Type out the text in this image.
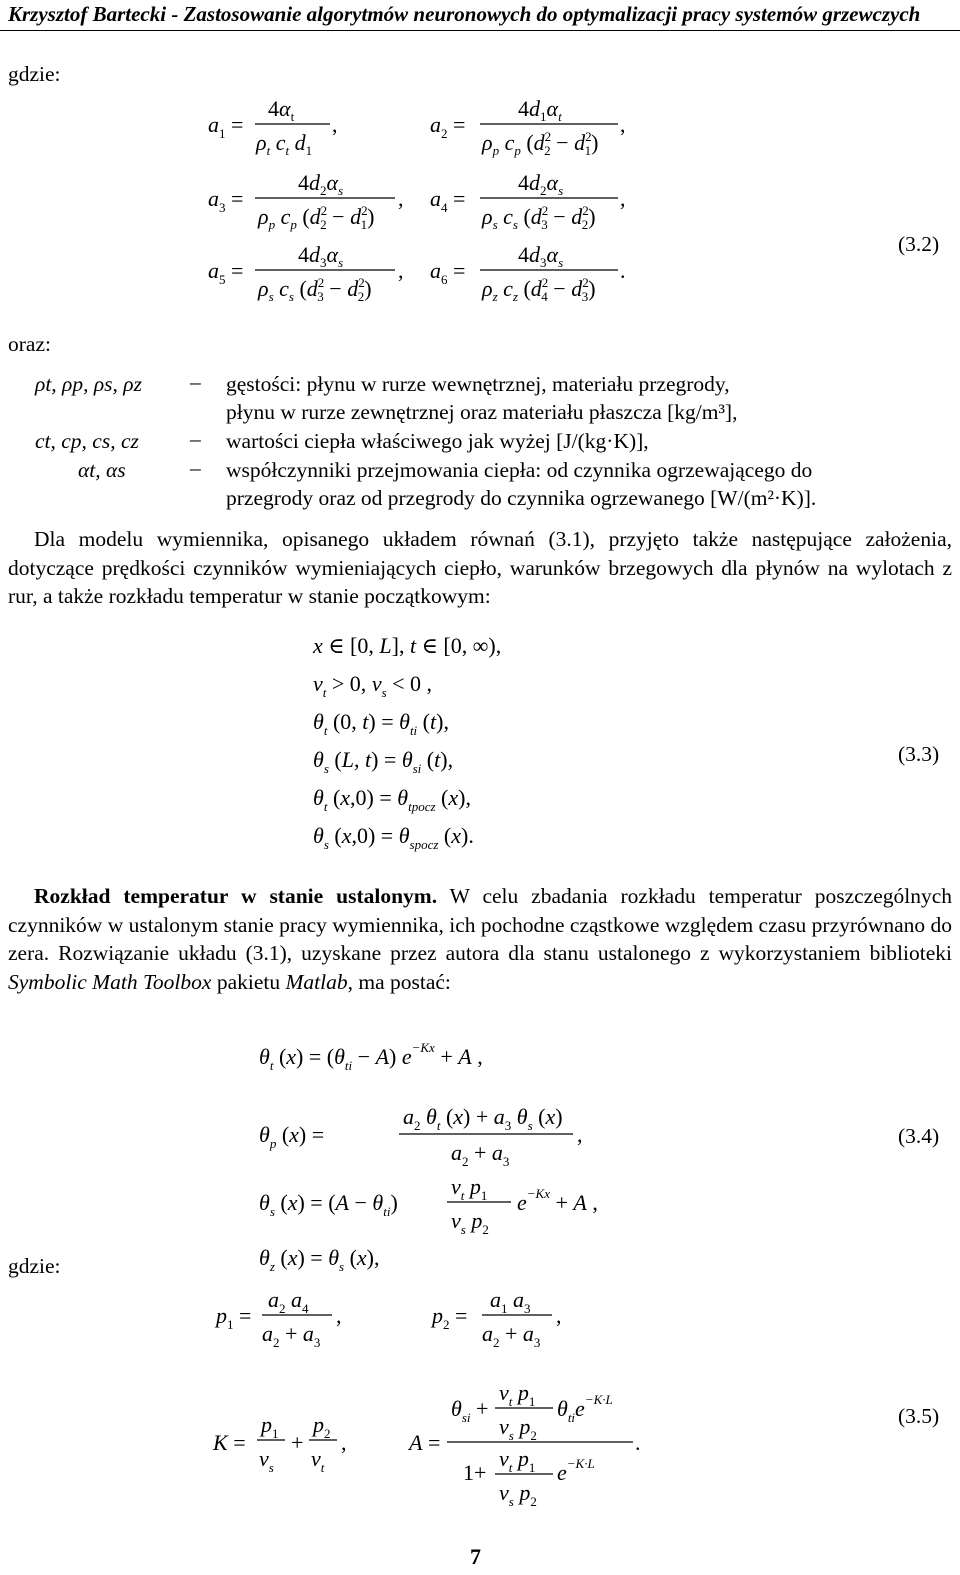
Krzysztof Bartecki - Zastosowanie algorytmów neuronowych do optymalizacji pracy systemów grzewczych
gdzie:
$a_1$ =
$4\alpha_t$
$\rho_t$ $c_t$ $d_1$
,	$a_2$ =
$4d_1\alpha_t$
$\rho_p$ $c_p$ ($d^2$ $2 - d^2$ 1)
,
$a_3$ =
$4d_2\alpha_s$
$\rho_p$ $c_p$ ($d^2$ $2 - d^2$ 1)
, $a_4$ =
$4d_2\alpha_s$
$\rho_s$ $c_s$ ($d^2$ $3 - d^2$ 2)
,
$a_5$ =
$4d_3\alpha_s$
$\rho_s$ $c_s$ ($d^2$ $3 - d^2$ 2)
, $a_6$ =
$4d_3\alpha_s$
$\rho_z$ $c_z$ ($d^2$ $4 - d^2$ 3)
.
(3.2)
oraz:
ρt, ρp, ρs, ρz – gęstości: płynu w rurze wewnętrznej, materiału przegrody,
płynu w rurze zewnętrznej oraz materiału płaszcza [kg/m³],
ct, cp, cs, cz – wartości ciepła właściwego jak wyżej [J/(kg·K)],
αt, αs	– współczynniki przejmowania ciepła: od czynnika ogrzewającego do
przegrody oraz od przegrody do czynnika ogrzewanego [W/(m²·K)].
Dla modelu wymiennika, opisanego układem równań (3.1), przyjęto także następujące założenia, dotyczące prędkości czynników wymieniających ciepło, warunków brzegowych dla płynów na wylotach z rur, a także rozkładu temperatur w stanie początkowym:
x ∈ [0, L], t ∈ [0, ∞),
$v_t > 0$, $v_s < 0$ ,
$\theta_t$ (0, $t) = \theta_{ti}$ (t),
$\theta_s$ (L, $t) = \theta_{si}$ (t),
$\theta_t$ $(x,0) = \theta_{tpocz}$ (x),
$\theta_s$ $(x,0) = \theta_{spocz}$ (x).
(3.3)
Rozkład temperatur w stanie ustalonym. W celu zbadania rozkładu temperatur poszczególnych czynników w ustalonym stanie pracy wymiennika, ich pochodne cząstkowe względem czasu przyrównano do zera. Rozwiązanie układu (3.1), uzyskane przez autora dla stanu ustalonego z wykorzystaniem biblioteki Symbolic Math Toolbox pakietu Matlab, ma postać:
$\theta_t$ $(x) = (\theta_{ti} - A) e^{-Kx} + A$ ,
$\theta_p$ (x) =
$a_2$ $\theta_t$ $(x) + a_3$ $\theta_s$ (x)
$a_2 + a_3$
,
$\theta_s$ $(x) = (A - \theta_{ti})$
$v_t$ $p_1$
$v_s$ $p_2$
$e^{-Kx} + A$ ,
$\theta_z$ $(x) = \theta_s$ (x),
(3.4)
gdzie:
$p_1$ =
$a_2$ $a_4$
$a_2 + a_3$
,	$p_2$ =
$a_1$ $a_3$
$a_2 + a_3$
,
K =
$p_1$
$v_s$
+
$p_2$
$v_t$
,	A =
$\theta_{si}$ +
$v_t$ $p_1$
$v_s$ $p_2$
$\theta_{ti}e^{-K\cdot L}$
1+
$v_t$ $p_1$
$v_s$ $p_2$
$e^{-K\cdot L}$
.
(3.5)
7
